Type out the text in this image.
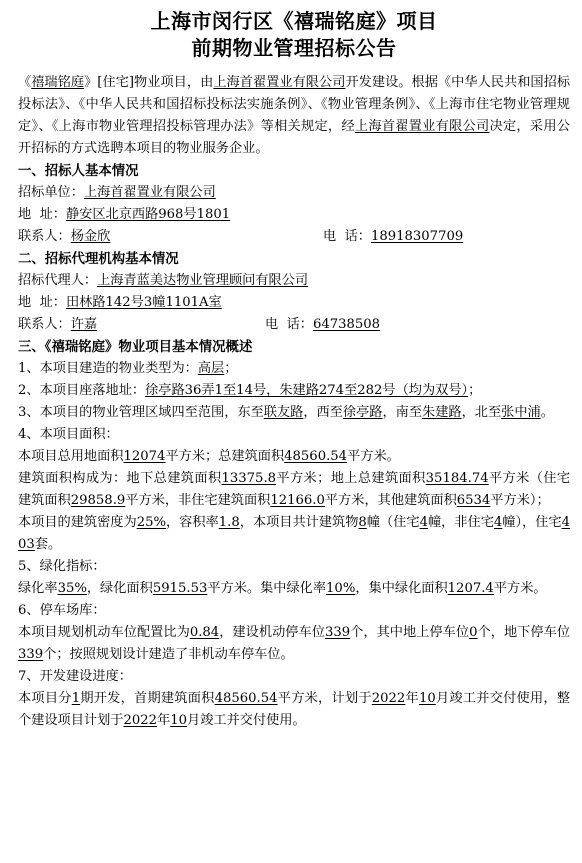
上海市闵行区《禧瑞铭庭》项目
前期物业管理招标公告
《禧瑞铭庭》[住宅]物业项目，由上海首翟置业有限公司开发建设。根据《中华人民共和国招标投标法》、《中华人民共和国招标投标法实施条例》、《物业管理条例》、《上海市住宅物业管理规定》、《上海市物业管理招投标管理办法》等相关规定，经上海首翟置业有限公司决定，采用公开招标的方式选聘本项目的物业服务企业。
一、招标人基本情况
招标单位：上海首翟置业有限公司
地  址：静安区北京西路968号1801
联系人：杨金欣	电  话：18918307709
二、招标代理机构基本情况
招标代理人：上海青蓝美达物业管理顾问有限公司
地  址：田林路142号3幢1101A室
联系人：许嘉	电  话：64738508
三、《禧瑞铭庭》物业项目基本情况概述
1、本项目建造的物业类型为：高层；
2、本项目座落地址：徐亭路36弄1至14号，朱建路274至282号（均为双号）；
3、本项目的物业管理区域四至范围，东至联友路，西至徐亭路，南至朱建路，北至张中浦。
4、本项目面积：
本项目总用地面积12074平方米；总建筑面积48560.54平方米。
建筑面积构成为：地下总建筑面积13375.8平方米；地上总建筑面积35184.74平方米（住宅建筑面积29858.9平方米，非住宅建筑面积12166.0平方米，其他建筑面积6534平方米）；
本项目的建筑密度为25%，容积率1.8，本项目共计建筑物8幢（住宅4幢，非住宅4幢），住宅403套。
5、绿化指标：
绿化率35%，绿化面积5915.53平方米。集中绿化率10%，集中绿化面积1207.4平方米。
6、停车场库：
本项目规划机动车位配置比为0.84，建设机动停车位339个，其中地上停车位0个，地下停车位339个；按照规划设计建造了非机动车停车位。
7、开发建设进度：
本项目分1期开发，首期建筑面积48560.54平方米，计划于2022年10月竣工并交付使用，整个建设项目计划于2022年10月竣工并交付使用。
